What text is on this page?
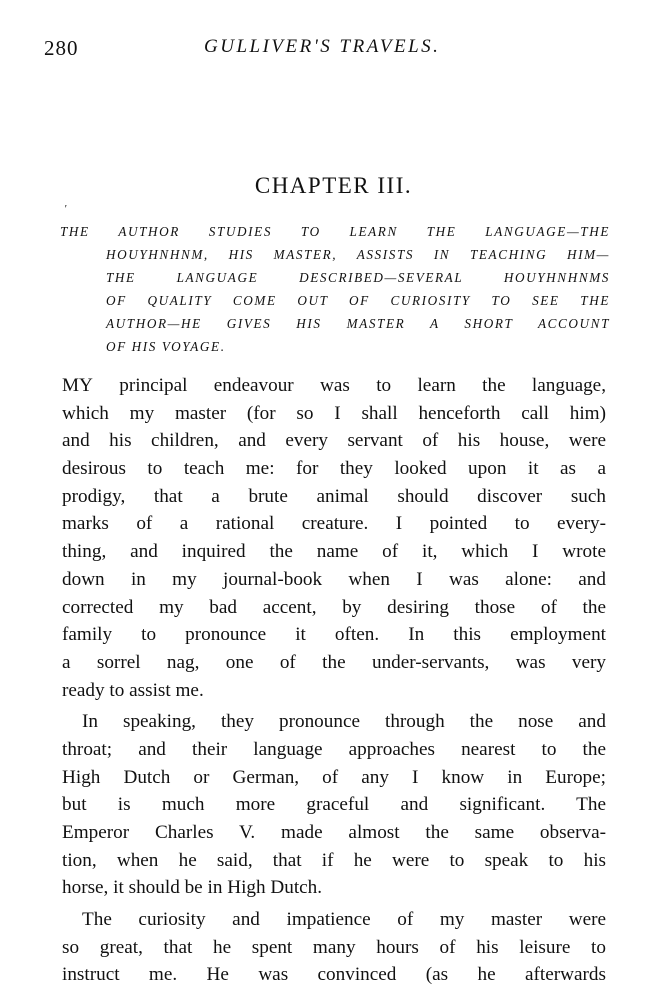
280	GULLIVER'S TRAVELS.
CHAPTER III.
'
THE AUTHOR STUDIES TO LEARN THE LANGUAGE—THE
HOUYHNHNM, HIS MASTER, ASSISTS IN TEACHING HIM—
THE LANGUAGE DESCRIBED—SEVERAL HOUYHNHNMS
OF QUALITY COME OUT OF CURIOSITY TO SEE THE
AUTHOR—HE GIVES HIS MASTER A SHORT ACCOUNT
OF HIS VOYAGE.
MY principal endeavour was to learn the language,
which my master (for so I shall henceforth call him)
and his children, and every servant of his house, were
desirous to teach me: for they looked upon it as a
prodigy, that a brute animal should discover such
marks of a rational creature. I pointed to every-
thing, and inquired the name of it, which I wrote
down in my journal-book when I was alone: and
corrected my bad accent, by desiring those of the
family to pronounce it often. In this employment
a sorrel nag, one of the under-servants, was very
ready to assist me.
In speaking, they pronounce through the nose and
throat; and their language approaches nearest to the
High Dutch or German, of any I know in Europe;
but is much more graceful and significant. The
Emperor Charles V. made almost the same observa-
tion, when he said, that if he were to speak to his
horse, it should be in High Dutch.
The curiosity and impatience of my master were
so great, that he spent many hours of his leisure to
instruct me. He was convinced (as he afterwards
